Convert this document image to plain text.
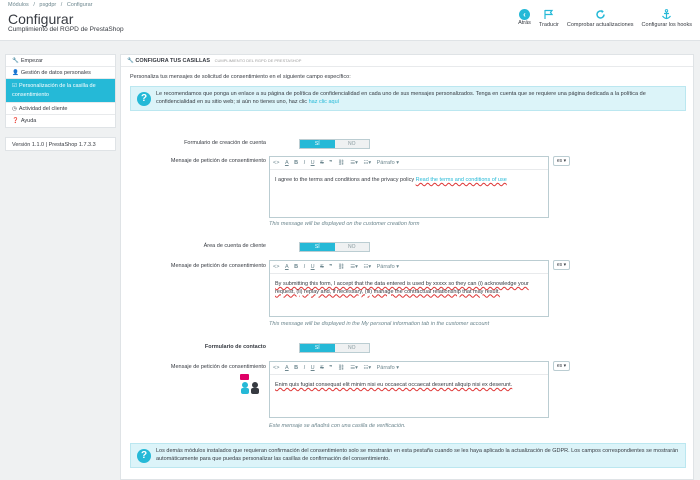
Módulos / psgdpr / Configurar
Configurar
Cumplimiento del RGPD de PrestaShop
‹
Atrás Traducir Comprobar actualizaciones Configurar los hooks
🔧 Empezar
👤 Gestión de datos personales
☑ Personalización de la casilla de consentimiento
◷ Actividad del cliente
❓ Ayuda
Versión 1.1.0 | PrestaShop 1.7.3.3
🔧 CONFIGURA TUS CASILLAS CUMPLIMIENTO DEL RGPD DE PRESTASHOP
Personaliza tus mensajes de solicitud de consentimiento en el siguiente campo específico:
?	Le recomendamos que ponga un enlace a su página de política de confidencialidad en cada uno de sus mensajes personalizados. Tenga en cuenta que se requiere una página dedicada a la política de confidencialidad en su sitio web; si aún no tienes uno, haz clic haz clic aquí
Formulario de creación de cuenta	SÍ	NO
Mensaje de petición de consentimiento <> A B I U S ❞ ⛓ ☰▾ ☷▾ Párrafo ▾
I agree to the terms and conditions and the privacy policy Read the terms and conditions of use
es ▾
This message will be displayed on the customer creation form
Área de cuenta de cliente	SÍ	NO
Mensaje de petición de consentimiento <> A B I U S ❞ ⛓ ☰▾ ☷▾ Párrafo ▾
By submitting this form, I accept that the data entered is used by xxxxx so they can (i) acknowledge your request, (ii) replay and, if necessary, (iii) manage the contractual relationship that may result.
es ▾
This message will be displayed in the My personal information tab in the customer account
Formulario de contacto	SÍ	NO
Mensaje de petición de consentimiento <> A B I U S ❞ ⛓ ☰▾ ☷▾ Párrafo ▾
Enim quis fugiat consequat elit minim nisi eu occaecat occaecat deserunt aliquip nisi ex deserunt.
es ▾
Este mensaje se añadirá con una casilla de verificación.
?	Los demás módulos instalados que requieran confirmación del consentimiento solo se mostrarán en esta pestaña cuando se les haya aplicado la actualización de GDPR. Los campos correspondientes se mostrarán automáticamente para que puedas personalizar las casillas de confirmación del consentimiento.
